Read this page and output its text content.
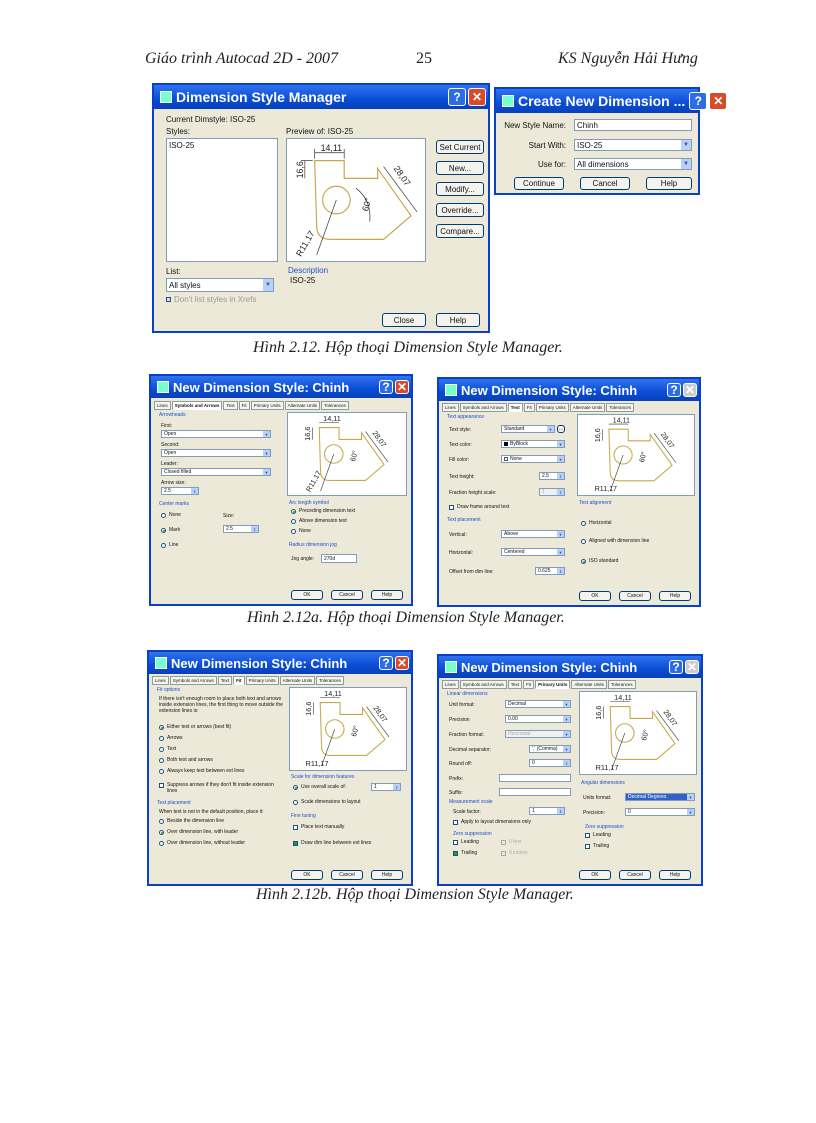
Giáo trình Autocad 2D - 2007	25	KS Nguyễn Hải Hưng
Dimension Style Manager	? ✕
Current Dimstyle: ISO-25
Styles:
ISO-25
Preview of: ISO-25
14,11
16,6	28,07
60°
R11,17
Set Current
New...
Modify...
Override...
Compare...
List:
All styles	▼
Don't list styles in Xrefs
Description
ISO-25
Close	Help
Create New Dimension ... ? ✕
New Style Name:	Chinh
Start With: ISO-25	▼
Use for: All dimensions	▼
Continue	Cancel	Help
Hình 2.12. Hộp thoại Dimension Style Manager.
New Dimension Style: Chinh	? ✕
Lines	Symbols and Arrows	Text	Fit	Primary Units	Alternate Units	Tolerances
Arrowheads
First:
Open	▼
Second:
Open	▼
Leader:
Closed filled	▼
Arrow size:
2.5	⇕
Center marks
None
Mark
Line
Size:
2.5	⇕
14,11
16,6	28,07
60°
R11,17
Arc length symbol
Preceding dimension text
Above dimension text
None
Radius dimension jog
Jog angle:	270d
OK	Cancel	Help
New Dimension Style: Chinh	? ✕
Lines	Symbols and Arrows	Text	Fit	Primary Units	Alternate Units	Tolerances
Text appearance
Text style:	Standard	▼	…
Text color:	ByBlock	▼
Fill color:	None	▼
Text height:	2.5	⇕
Fraction height scale:	1	⇕
Draw frame around text
Text placement
Vertical:	Above	▼
Horizontal:	Centered	▼
Offset from dim line:	0.625	⇕
14,11
16,6	28,07
60°
R11,17
Text alignment
Horizontal
Aligned with dimension line
ISO standard
OK	Cancel	Help
Hình 2.12a. Hộp thoại Dimension Style Manager.
New Dimension Style: Chinh	? ✕
Lines	Symbols and Arrows	Text	Fit	Primary Units	Alternate Units	Tolerances
Fit options
If there isn't enough room to place both text and arrows inside extension lines, the first thing to move outside the extension lines is:
Either text or arrows (best fit)
Arrows
Text
Both text and arrows
Always keep text between ext lines
Suppress arrows if they don't fit inside extension lines
Text placement
When text is not in the default position, place it:
Beside the dimension line
Over dimension line, with leader
Over dimension line, without leader
14,11
16,6	28,07
60°
R11,17
Scale for dimension features
Use overall scale of:	1	⇕
Scale dimensions to layout
Fine tuning
Place text manually
Draw dim line between ext lines
OK	Cancel	Help
New Dimension Style: Chinh	? ✕
Lines	Symbols and Arrows	Text	Fit	Primary Units	Alternate Units	Tolerances
Linear dimensions
Unit format:	Decimal	▼
Precision	0.00	▼
Fraction format:	Horizontal	▼
Decimal separator:	',' (Comma)	▼
Round off:	0	⇕
Prefix:
Suffix:
Measurement scale
Scale factor:	1	⇕
Apply to layout dimensions only
Zero suppression
Leading
Trailing
0 feet
0 inches
14,11
16,6	28,07
60°
R11,17
Angular dimensions
Units format:	Decimal Degrees	▼
Precision:	0	▼
Zero suppression
Leading
Trailing
OK	Cancel	Help
Hình 2.12b. Hộp thoại Dimension Style Manager.
